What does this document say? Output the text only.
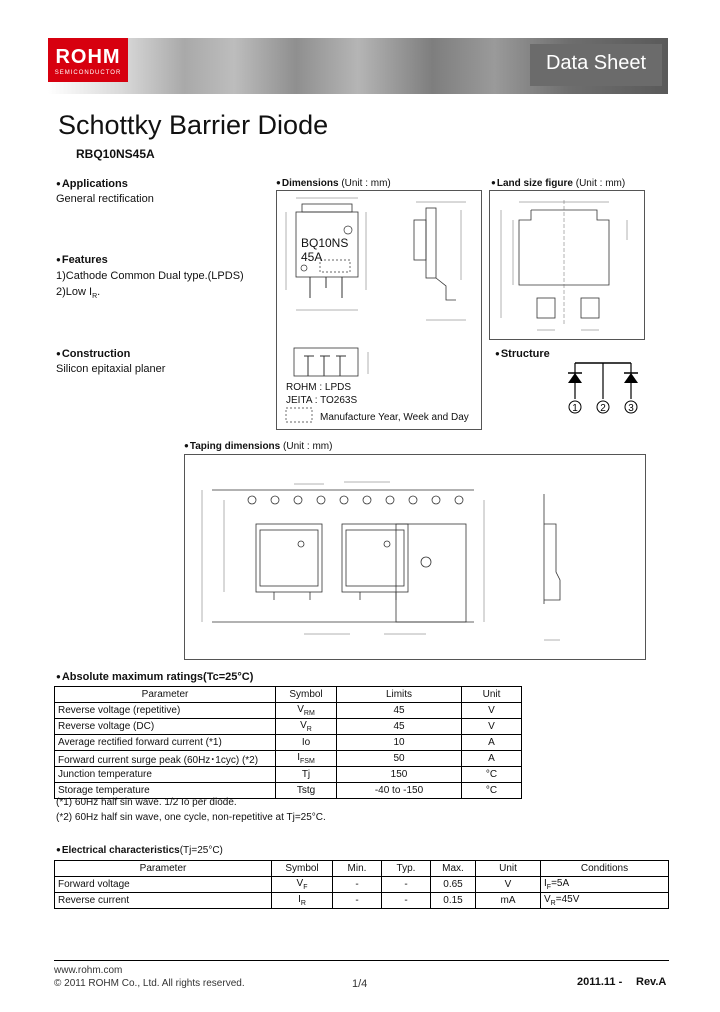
ROHM
SEMICONDUCTOR	Data Sheet
Schottky Barrier Diode
RBQ10NS45A
● Applications
General rectification
● Features
1)Cathode Common Dual type.(LPDS)
2)Low $I_R$.
● Construction
Silicon epitaxial planer
● Dimensions (Unit : mm)
BQ10NS
45A
ROHM : LPDS
JEITA : TO263S
Manufacture Year, Week and Day
● Land size figure (Unit : mm)
● Structure
1 2 3
● Taping dimensions (Unit : mm)
● Absolute maximum ratings(Tc=25°C)
Parameter	Symbol	Limits	Unit
Reverse voltage (repetitive)	$V_{RM}$	45	V
Reverse voltage (DC)	$V_R$	45	V
Average rectified forward current (*1)	Io	10	A
Forward current surge peak (60Hz･1cyc) (*2)	$I_{FSM}$	50	A
Junction temperature	Tj	150	°C
Storage temperature	Tstg	-40 to -150	°C
(*1) 60Hz half sin wave. 1/2 Io per diode.
(*2) 60Hz half sin wave, one cycle, non-repetitive at Tj=25°C.
● Electrical characteristics(Tj=25°C)
Parameter	Symbol	Min.	Typ.	Max.	Unit	Conditions
Forward voltage	$V_F$	-	-	0.65	V	$I_F=5A$
Reverse current	$I_R$	-	-	0.15	mA	$V_R=45V$
www.rohm.com
© 2011 ROHM Co., Ltd. All rights reserved.	1/4	2011.11 - Rev.A
